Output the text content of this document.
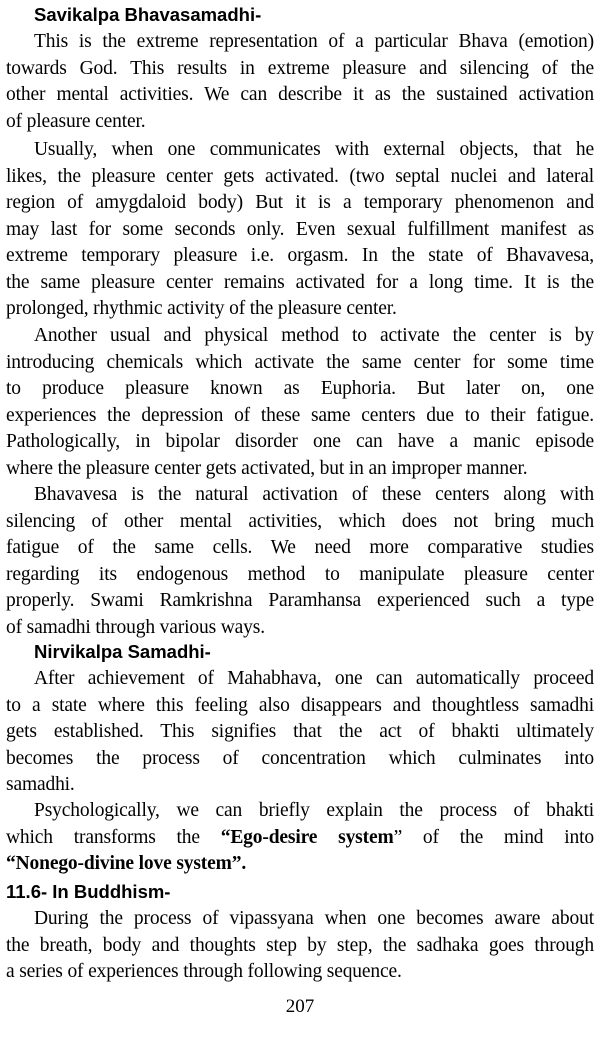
Savikalpa Bhavasamadhi-
This is the extreme representation of a particular Bhava (emotion)
towards God. This results in extreme pleasure and silencing of the
other mental activities. We can describe it as the sustained activation
of pleasure center.
Usually, when one communicates with external objects, that he
likes, the pleasure center gets activated. (two septal nuclei and lateral
region of amygdaloid body) But it is a temporary phenomenon and
may last for some seconds only. Even sexual fulfillment manifest as
extreme temporary pleasure i.e. orgasm. In the state of Bhavavesa,
the same pleasure center remains activated for a long time. It is the
prolonged, rhythmic activity of the pleasure center.
Another usual and physical method to activate the center is by
introducing chemicals which activate the same center for some time
to produce pleasure known as Euphoria. But later on, one
experiences the depression of these same centers due to their fatigue.
Pathologically, in bipolar disorder one can have a manic episode
where the pleasure center gets activated, but in an improper manner.
Bhavavesa is the natural activation of these centers along with
silencing of other mental activities, which does not bring much
fatigue of the same cells. We need more comparative studies
regarding its endogenous method to manipulate pleasure center
properly. Swami Ramkrishna Paramhansa experienced such a type
of samadhi through various ways.
Nirvikalpa Samadhi-
After achievement of Mahabhava, one can automatically proceed
to a state where this feeling also disappears and thoughtless samadhi
gets established. This signifies that the act of bhakti ultimately
becomes the process of concentration which culminates into
samadhi.
Psychologically, we can briefly explain the process of bhakti
which transforms the “Ego-desire system” of the mind into
“Nonego-divine love system”.
11.6- In Buddhism-
During the process of vipassyana when one becomes aware about
the breath, body and thoughts step by step, the sadhaka goes through
a series of experiences through following sequence.
207
